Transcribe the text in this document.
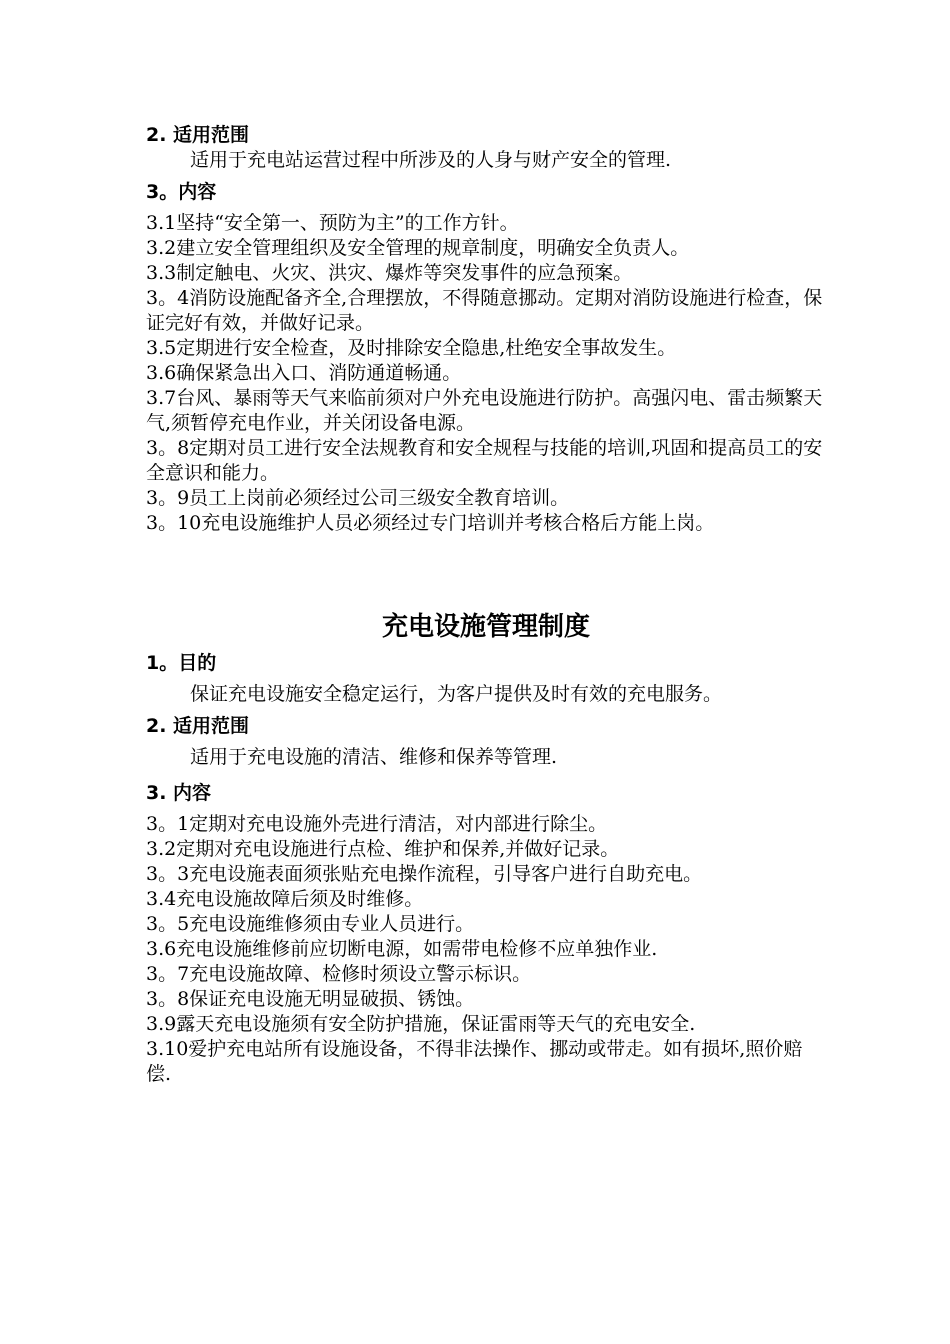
2. 适用范围

适用于充电站运营过程中所涉及的人身与财产安全的管理.

3。内容

3.1坚持“安全第一、预防为主”的工作方针。

3.2建立安全管理组织及安全管理的规章制度，明确安全负责人。

3.3制定触电、火灾、洪灾、爆炸等突发事件的应急预案。

3。4消防设施配备齐全,合理摆放，不得随意挪动。定期对消防设施进行检查，保证完好有效，并做好记录。

3.5定期进行安全检查，及时排除安全隐患,杜绝安全事故发生。

3.6确保紧急出入口、消防通道畅通。

3.7台风、暴雨等天气来临前须对户外充电设施进行防护。高强闪电、雷击频繁天气,须暂停充电作业，并关闭设备电源。

3。8定期对员工进行安全法规教育和安全规程与技能的培训,巩固和提高员工的安全意识和能力。

3。9员工上岗前必须经过公司三级安全教育培训。

3。10充电设施维护人员必须经过专门培训并考核合格后方能上岗。

充电设施管理制度

1。目的

保证充电设施安全稳定运行，为客户提供及时有效的充电服务。

2. 适用范围

适用于充电设施的清洁、维修和保养等管理.

3. 内容

3。1定期对充电设施外壳进行清洁，对内部进行除尘。

3.2定期对充电设施进行点检、维护和保养,并做好记录。

3。3充电设施表面须张贴充电操作流程，引导客户进行自助充电。

3.4充电设施故障后须及时维修。

3。5充电设施维修须由专业人员进行。

3.6充电设施维修前应切断电源，如需带电检修不应单独作业.

3。7充电设施故障、检修时须设立警示标识。

3。8保证充电设施无明显破损、锈蚀。

3.9露天充电设施须有安全防护措施，保证雷雨等天气的充电安全.

3.10爱护充电站所有设施设备，不得非法操作、挪动或带走。如有损坏,照价赔偿.
